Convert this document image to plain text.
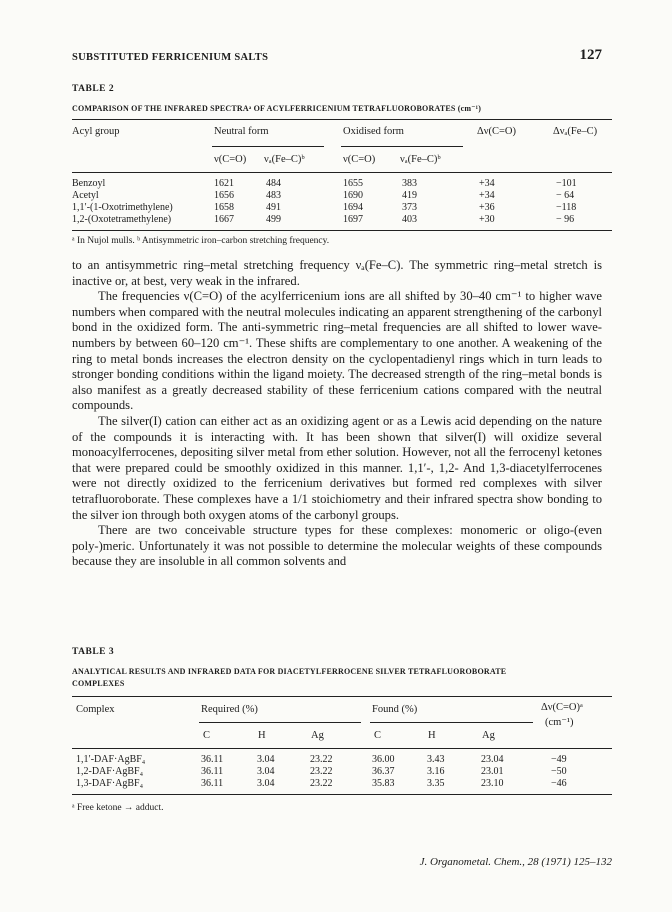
SUBSTITUTED FERRICENIUM SALTS	127
TABLE 2
COMPARISON OF THE INFRARED SPECTRAᵃ OF ACYLFERRICENIUM TETRAFLUOROBORATES (cm⁻¹)
Acyl group	Neutral form	Oxidised form	Δν(C=O)	Δνₐ(Fe–C)
ν(C=O) νₐ(Fe–C)ᵇ	ν(C=O) νₐ(Fe–C)ᵇ
Benzoyl	1621	484	1655	383	+34	−101
Acetyl	1656	483	1690	419	+34	− 64
1,1′-(1-Oxotrimethylene)	1658	491	1694	373	+36	−118
1,2-(Oxotetramethylene)	1667	499	1697	403	+30	− 96
ᵃ In Nujol mulls. ᵇ Antisymmetric iron–carbon stretching frequency.

to an antisymmetric ring–metal stretching frequency νₐ(Fe–C). The symmetric ring–metal stretch is inactive or, at best, very weak in the infrared.

The frequencies ν(C=O) of the acylferricenium ions are all shifted by 30–40 cm⁻¹ to higher wave numbers when compared with the neutral molecules indicating an apparent strengthening of the carbonyl bond in the oxidized form. The anti-symmetric ring–metal frequencies are all shifted to lower wave-numbers by between 60–120 cm⁻¹. These shifts are complementary to one another. A weakening of the ring to metal bonds increases the electron density on the cyclopentadienyl rings which in turn leads to stronger bonding conditions within the ligand moiety. The decreased strength of the ring–metal bonds is also manifest as a greatly decreased stability of these ferricenium cations compared with the neutral compounds.

The silver(I) cation can either act as an oxidizing agent or as a Lewis acid depending on the nature of the compounds it is interacting with. It has been shown that silver(I) will oxidize several monoacylferrocenes, depositing silver metal from ether solution. However, not all the ferrocenyl ketones that were prepared could be smoothly oxidized in this manner. 1,1′-, 1,2- And 1,3-diacetylferrocenes were not directly oxidized to the ferricenium derivatives but formed red complexes with silver tetrafluoroborate. These complexes have a 1/1 stoichiometry and their infrared spectra show bonding to the silver ion through both oxygen atoms of the carbonyl groups.

There are two conceivable structure types for these complexes: monomeric or oligo-(even poly-)meric. Unfortunately it was not possible to determine the molecular weights of these compounds because they are insoluble in all common solvents and

TABLE 3
ANALYTICAL RESULTS AND INFRARED DATA FOR DIACETYLFERROCENE SILVER TETRAFLUOROBORATE
COMPLEXES
Complex	Required (%)	Found (%)	Δν(C=O)ᵃ
(cm⁻¹)
C	H	Ag	C	H	Ag
1,1′-DAF·AgBF₄	36.11	3.04	23.22	36.00	3.43	23.04	−49
1,2-DAF·AgBF₄	36.11	3.04	23.22	36.37	3.16	23.01	−50
1,3-DAF·AgBF₄	36.11	3.04	23.22	35.83	3.35	23.10	−46
ᵃ Free ketone → adduct.
J. Organometal. Chem., 28 (1971) 125–132
